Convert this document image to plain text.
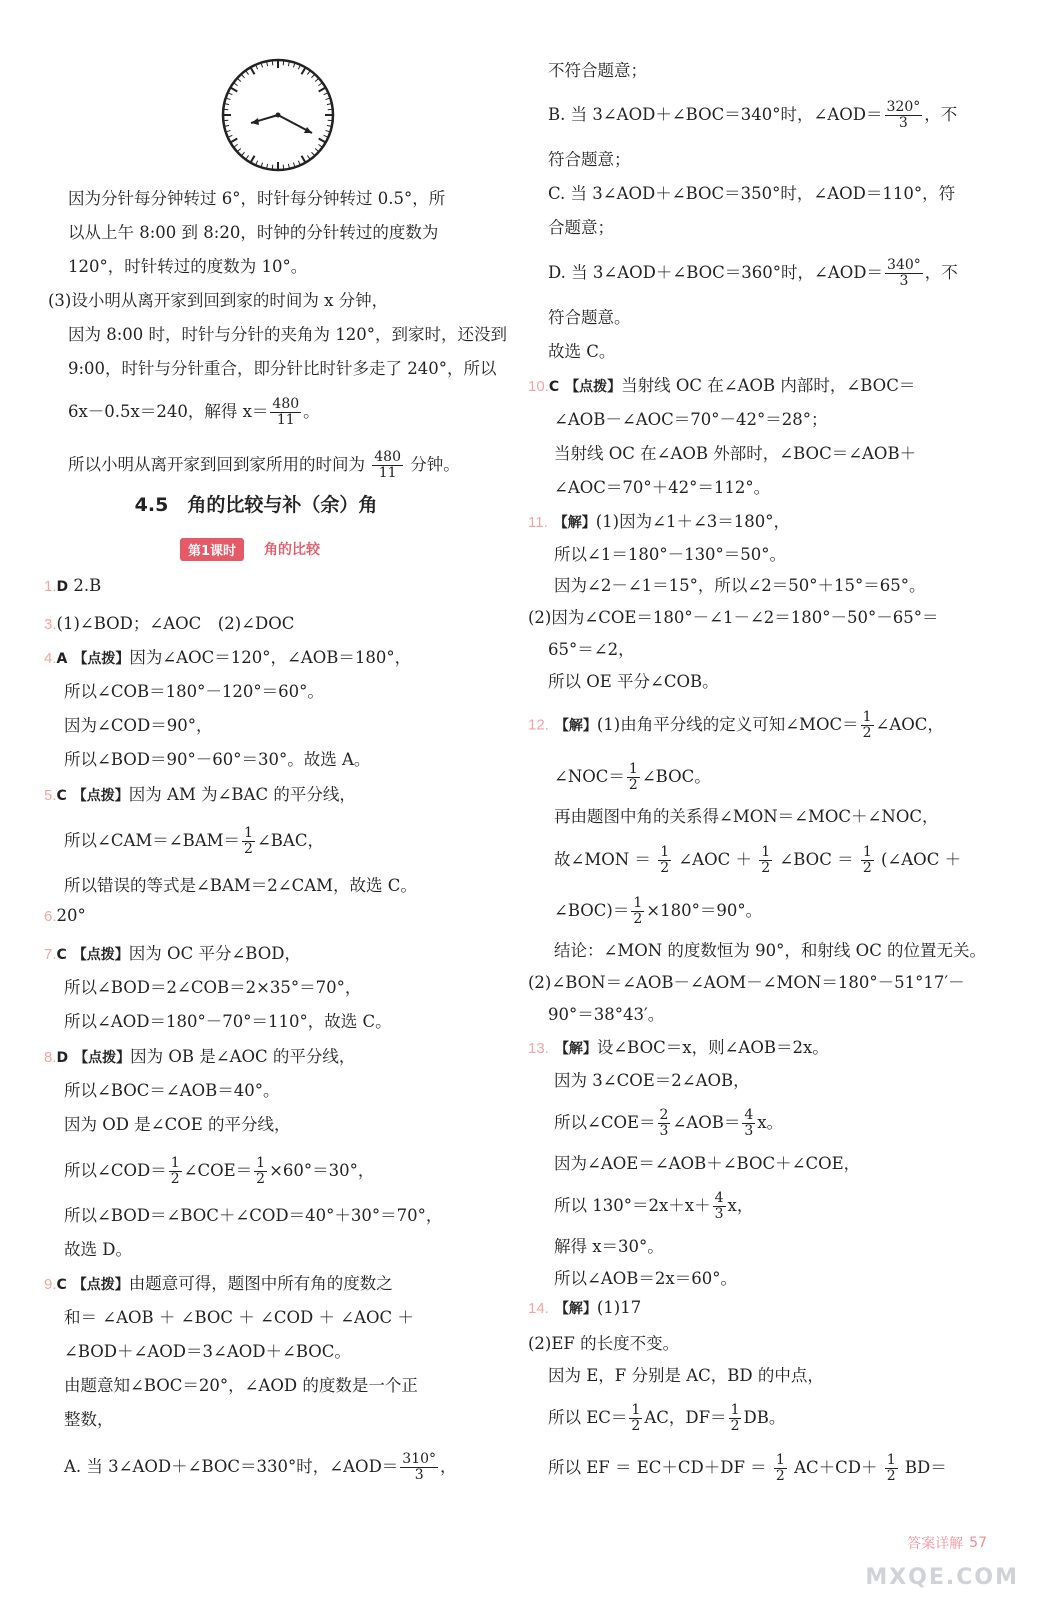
因为分针每分钟转过 6°，时针每分钟转过 0.5°，所
以从上午 8:00 到 8:20，时钟的分针转过的度数为
120°，时针转过的度数为 10°。
(3)设小明从离开家到回到家的时间为 x 分钟，
因为 8:00 时，时针与分针的夹角为 120°，到家时，还没到
9:00，时针与分针重合，即分针比时针多走了 240°，所以
6x－0.5x＝240，解得 $x= \frac{480}{11}$ 。
所以小明从离开家到回到家所用的时间为 $\frac{480}{11}$ 分钟。
1.D 2.B
3.(1)∠BOD；∠AOC　(2)∠DOC
4.A 【点拨】因为∠AOC＝120°，∠AOB＝180°，
所以∠COB＝180°－120°＝60°。
因为∠COD＝90°，
所以∠BOD＝90°－60°＝30°。故选 A。
5.C 【点拨】因为 AM 为∠BAC 的平分线，
所以∠CAM＝∠BAM＝ $\frac{1}{2}$ ∠BAC，
所以错误的等式是∠BAM＝2∠CAM，故选 C。
6.20°
7.C 【点拨】因为 OC 平分∠BOD，
所以∠BOD＝2∠COB＝2×35°＝70°，
所以∠AOD＝180°－70°＝110°，故选 C。
8.D 【点拨】因为 OB 是∠AOC 的平分线，
所以∠BOC＝∠AOB＝40°。
因为 OD 是∠COE 的平分线，
所以∠COD＝ $\frac{1}{2}$ ∠COE＝ $\frac{1}{2} \times 60^\circ=30^\circ$，
所以∠BOD＝∠BOC＋∠COD＝40°＋30°＝70°，
故选 D。
9.C 【点拨】由题意可得，题图中所有角的度数之
和＝ ∠AOB ＋ ∠BOC ＋ ∠COD ＋ ∠AOC ＋
∠BOD＋∠AOD＝3∠AOD＋∠BOC。
由题意知∠BOC＝20°，∠AOD 的度数是一个正
整数，
A. 当 3∠AOD＋∠BOC＝330°时，∠AOD＝ $\frac{310^\circ}{3}$ ，
不符合题意；
B. 当 3∠AOD＋∠BOC＝340°时，∠AOD＝ $\frac{320^\circ}{3}$ ，不
符合题意；
C. 当 3∠AOD＋∠BOC＝350°时，∠AOD＝110°，符
合题意；
D. 当 3∠AOD＋∠BOC＝360°时，∠AOD＝ $\frac{340^\circ}{3}$ ，不
符合题意。
故选 C。
10.C 【点拨】当射线 OC 在∠AOB 内部时，∠BOC＝
∠AOB－∠AOC＝70°－42°＝28°；
当射线 OC 在∠AOB 外部时，∠BOC＝∠AOB＋
∠AOC＝70°＋42°＝112°。
11. 【解】(1)因为∠1＋∠3＝180°，
所以∠1＝180°－130°＝50°。
因为∠2－∠1＝15°，所以∠2＝50°＋15°＝65°。
(2)因为∠COE＝180°－∠1－∠2＝180°－50°－65°＝
65°＝∠2，
所以 OE 平分∠COB。
12. 【解】(1)由角平分线的定义可知∠MOC＝ $\frac{1}{2}$ ∠AOC，
∠NOC＝ $\frac{1}{2}$ ∠BOC。
再由题图中角的关系得∠MON＝∠MOC＋∠NOC，
故∠MON ＝ $\frac{1}{2}$ ∠AOC ＋ $\frac{1}{2}$ ∠BOC ＝ $\frac{1}{2}$ (∠AOC ＋
∠BOC)＝ $\frac{1}{2} \times 180^\circ=90^\circ$。
结论：∠MON 的度数恒为 90°，和射线 OC 的位置无关。
(2)∠BON＝∠AOB－∠AOM－∠MON＝180°－51°17′－
90°＝38°43′。
13. 【解】设∠BOC＝x，则∠AOB＝2x。
因为 3∠COE＝2∠AOB，
所以∠COE＝ $\frac{2}{3}$ ∠AOB＝ $\frac{4}{3}$ x。
因为∠AOE＝∠AOB＋∠BOC＋∠COE，
所以 $130^\circ=2x+x+ \frac{4}{3}$ x，
解得 x＝30°。
所以∠AOB＝2x＝60°。
14. 【解】(1)17
(2)EF 的长度不变。
因为 E，F 分别是 AC，BD 的中点，
所以 $EC= \frac{1}{2}$ AC，$DF= \frac{1}{2}$ DB。
所以 EF ＝ $EC+CD+DF = \frac{1}{2} AC+CD+ \frac{1}{2} BD=$
4.5　角的比较与补（余）角
第1课时	角的比较
答案详解 57
MXQE.COM
